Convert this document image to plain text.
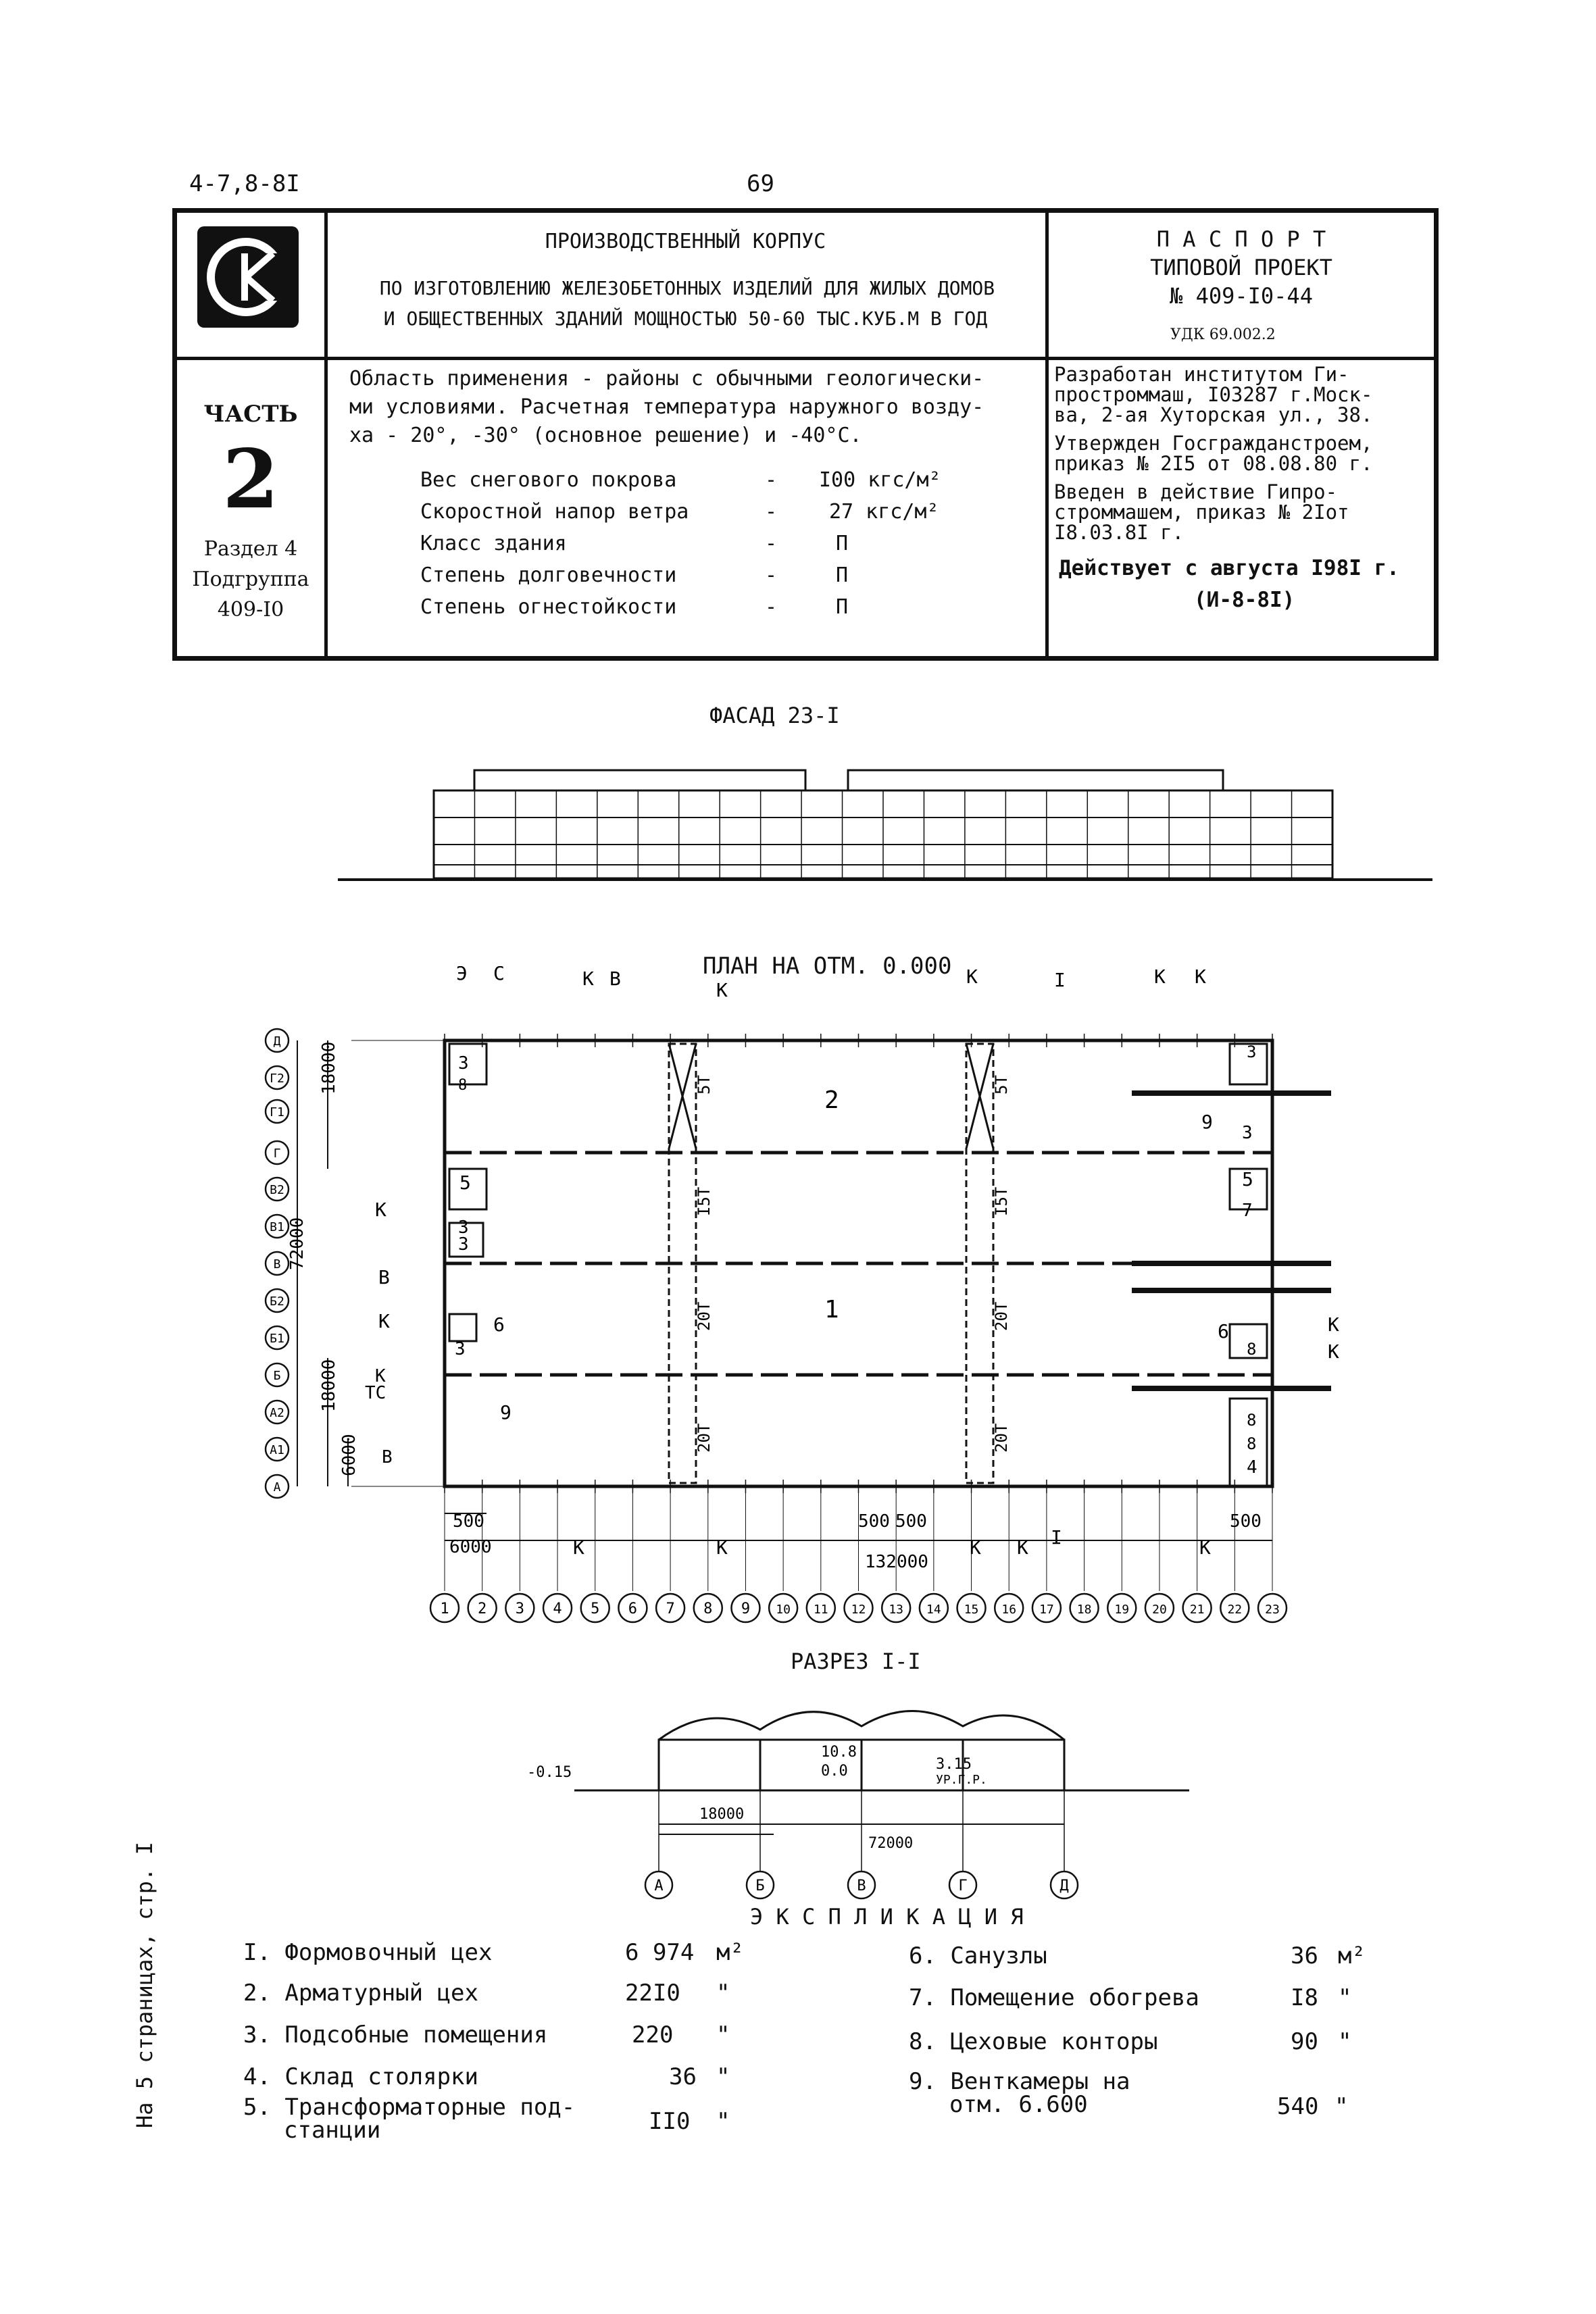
4-7,8-8I	69
ЧАСТЬ
2
Раздел 4
Подгруппа
409-I0
ПРОИЗВОДСТВЕННЫЙ КОРПУС
ПО ИЗГОТОВЛЕНИЮ ЖЕЛЕЗОБЕТОННЫХ ИЗДЕЛИЙ ДЛЯ ЖИЛЫХ ДОМОВ
И ОБЩЕСТВЕННЫХ ЗДАНИЙ МОЩНОСТЬЮ 50-60 ТЫС.КУБ.М В ГОД
П А С П О Р Т
ТИПОВОЙ ПРОЕКТ
№ 409-I0-44
УДК 69.002.2
Область применения - районы с обычными геологически-
ми условиями. Расчетная температура наружного возду-
ха - 20°, -30° (основное решение) и -40°С.
Вес снегового покрова	- I00 кгс/м²
Скоростной напор ветра	-	27 кгс/м²
Класс здания	-	П
Степень долговечности	-	П
Степень огнестойкости	-	П
Разработан институтом Ги-
простроммаш, I03287 г.Моск-
ва, 2-ая Хуторская ул., 38.
Утвержден Госгражданстроем,
приказ № 2I5 от 08.08.80 г.
Введен в действие Гипро-
строммашем, приказ № 2Iот
I8.03.8I г.
Действует с августа I98I г.
(И-8-8I)
ФАСАД 23-I
ПЛАН НА ОТМ. 0.000
Д
Г2
Г1
Г
В2
В1
В
Б2
Б1
Б
А2
А1
А
1 2 3 4 5 6 7 8 9 10 11 12 13 14 15 16 17 18 19 20 21 22 23
18000
72000
18000
6000
500
6000
500 500	500
132000
2
1
3
8
5
3
3
6
3
9
5
7
9 3
6
8
8
8
4
3
5Т	5Т
I5Т	I5Т
20Т	20Т
20Т	20Т
Э С	К В
К
К	I	К К
К
В
К
К
ТС
В
К
К
К	К	К К I	К
РАЗРЕЗ I-I
-0.15
10.8
0.0	3.15
УР.Г.Р.
18000
72000
А	Б	В	Г	Д
Э К С П Л И К А Ц И Я
I. Формовочный цех	6 974 м²
2. Арматурный цех	22I0 "
3. Подсобные помещения	220 "
4. Склад столярки	36 "
5. Трансформаторные под-
станции	II0 "
6. Санузлы	36 м²
7. Помещение обогрева	I8 "
8. Цеховые конторы	90 "
9. Венткамеры на
отм. 6.600	540 "
На 5 страницах, стр. I
